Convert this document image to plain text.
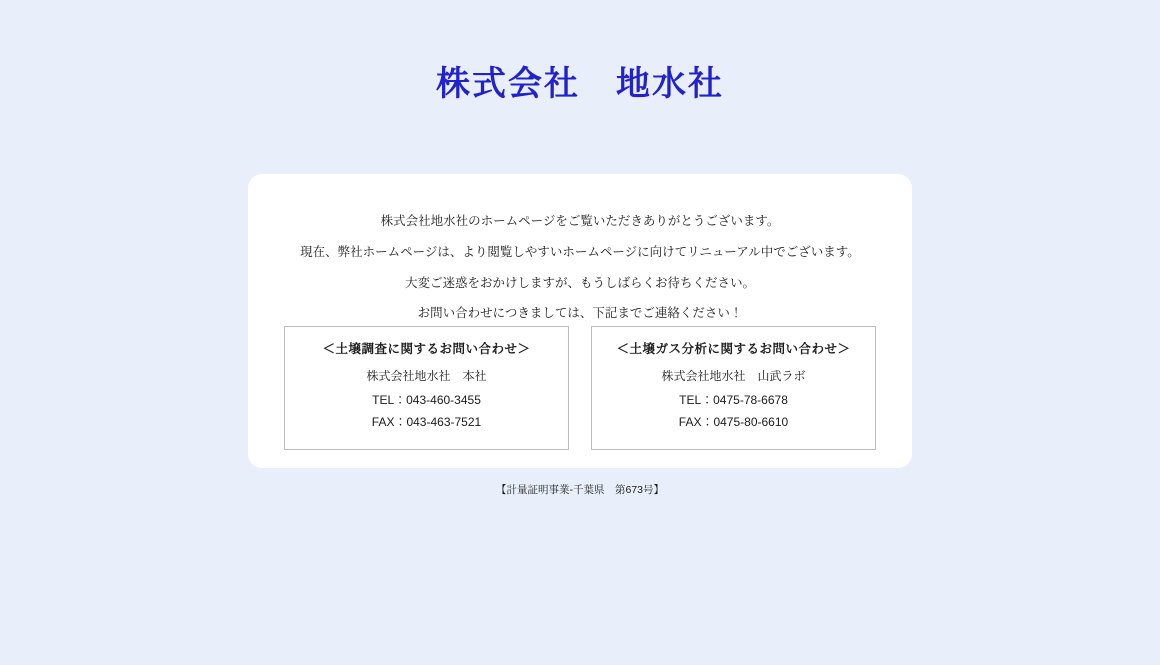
株式会社　地水社

株式会社地水社のホームページをご覧いただきありがとうございます。

現在、弊社ホームページは、より閲覧しやすいホームページに向けてリニューアル中でございます。

大変ご迷惑をおかけしますが、もうしばらくお待ちください。

お問い合わせにつきましては、下記までご連絡ください！

＜土壌調査に関するお問い合わせ＞
株式会社地水社　本社
TEL：043-460-3455
FAX：043-463-7521
＜土壌ガス分析に関するお問い合わせ＞
株式会社地水社　山武ラボ
TEL：0475-78-6678
FAX：0475-80-6610
【計量証明事業-千葉県　第673号】
